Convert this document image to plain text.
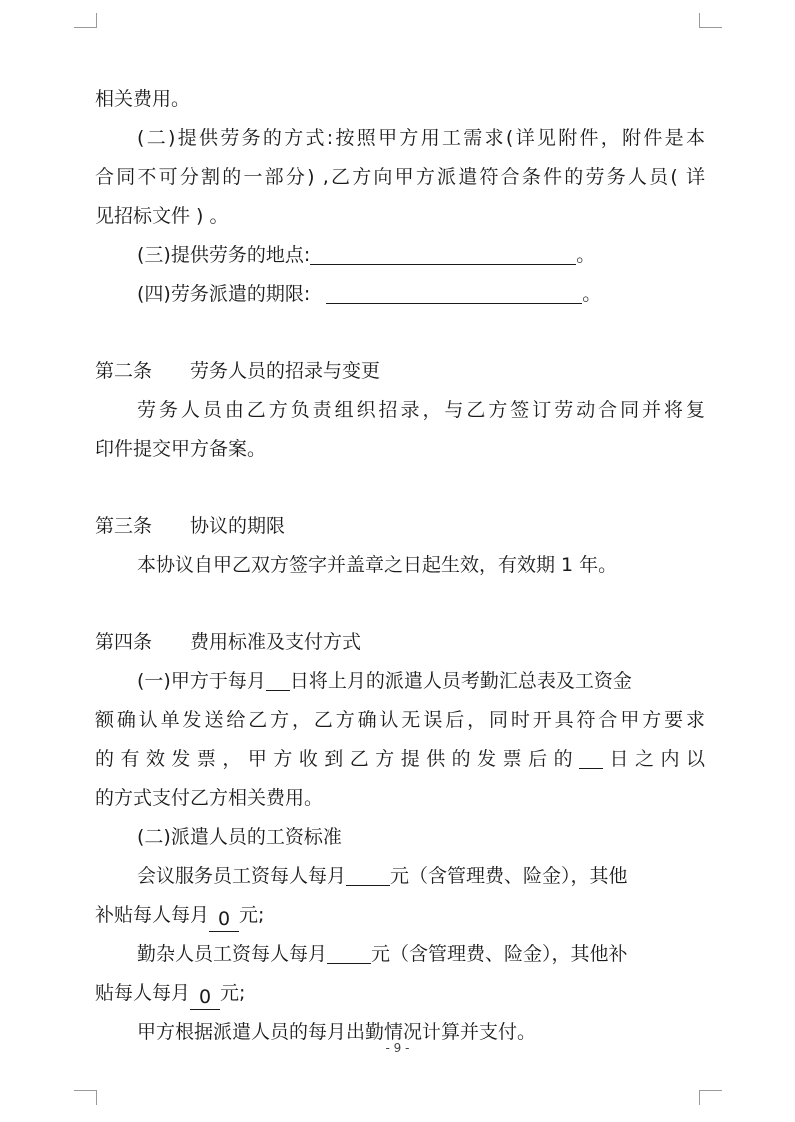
相关费用。
(二)提供劳务的方式:按照甲方用工需求(详见附件，附件是本
合同不可分割的一部分) ,乙方向甲方派遣符合条件的劳务人员( 详
见招标文件 ) 。
(三)提供劳务的地点:	。
(四)劳务派遣的期限:	。
第二条 劳务人员的招录与变更
劳务人员由乙方负责组织招录，与乙方签订劳动合同并将复
印件提交甲方备案。
第三条 协议的期限
本协议自甲乙双方签字并盖章之日起生效，有效期 1 年。
第四条 费用标准及支付方式
(一)甲方于每月 日将上月的派遣人员考勤汇总表及工资金
额确认单发送给乙方，乙方确认无误后，同时开具符合甲方要求
的有效发票，甲方收到乙方提供的发票后的 日之内以
的方式支付乙方相关费用。
(二)派遣人员的工资标准
会议服务员工资每人每月 元（含管理费、险金），其他
补贴每人每月 0 元;
勤杂人员工资每人每月 元（含管理费、险金），其他补
贴每人每月 0 元;
甲方根据派遣人员的每月出勤情况计算并支付。
- 9 -
